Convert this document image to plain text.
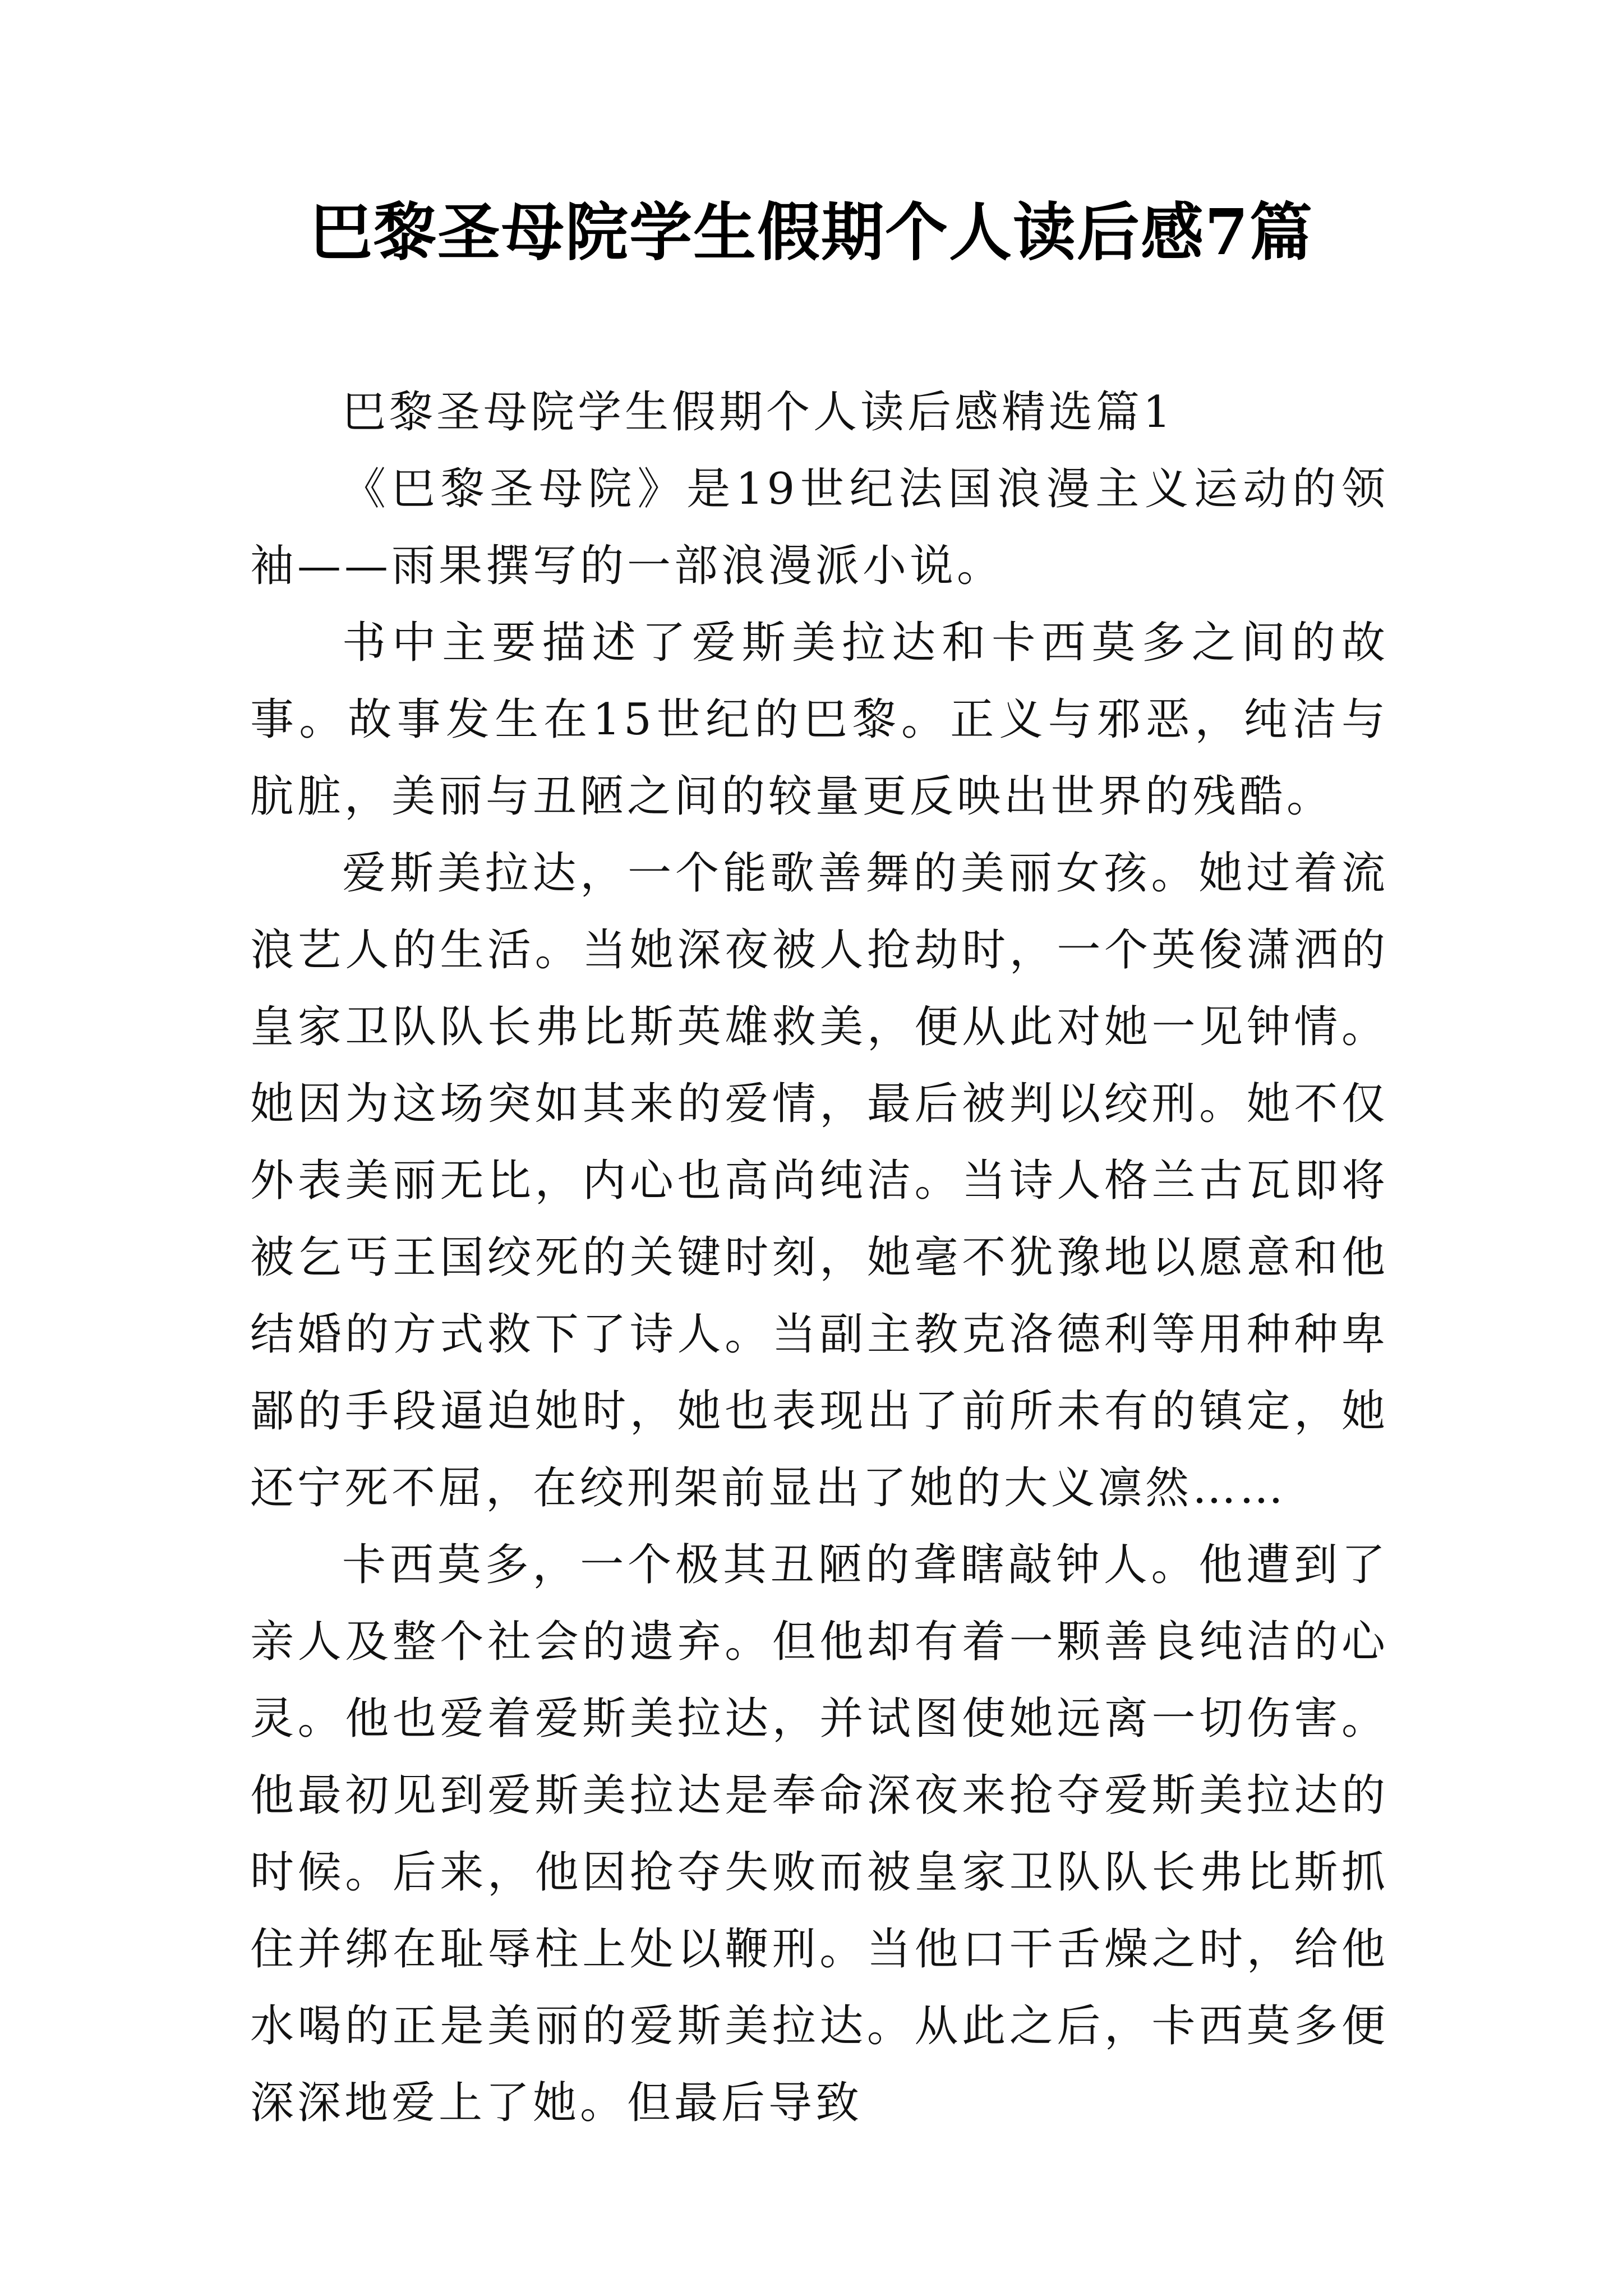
巴黎圣母院学生假期个人读后感7篇

巴黎圣母院学生假期个人读后感精选篇1

《巴黎圣母院》是19世纪法国浪漫主义运动的领袖——雨果撰写的一部浪漫派小说。

书中主要描述了爱斯美拉达和卡西莫多之间的故事。故事发生在15世纪的巴黎。正义与邪恶，纯洁与肮脏，美丽与丑陋之间的较量更反映出世界的残酷。

爱斯美拉达，一个能歌善舞的美丽女孩。她过着流浪艺人的生活。当她深夜被人抢劫时，一个英俊潇洒的皇家卫队队长弗比斯英雄救美，便从此对她一见钟情。她因为这场突如其来的爱情，最后被判以绞刑。她不仅外表美丽无比，内心也高尚纯洁。当诗人格兰古瓦即将被乞丐王国绞死的关键时刻，她毫不犹豫地以愿意和他结婚的方式救下了诗人。当副主教克洛德利等用种种卑鄙的手段逼迫她时，她也表现出了前所未有的镇定，她还宁死不屈，在绞刑架前显出了她的大义凛然……

卡西莫多，一个极其丑陋的聋瞎敲钟人。他遭到了亲人及整个社会的遗弃。但他却有着一颗善良纯洁的心灵。他也爱着爱斯美拉达，并试图使她远离一切伤害。他最初见到爱斯美拉达是奉命深夜来抢夺爱斯美拉达的时候。后来，他因抢夺失败而被皇家卫队队长弗比斯抓住并绑在耻辱柱上处以鞭刑。当他口干舌燥之时，给他水喝的正是美丽的爱斯美拉达。从此之后，卡西莫多便深深地爱上了她。但最后导致
